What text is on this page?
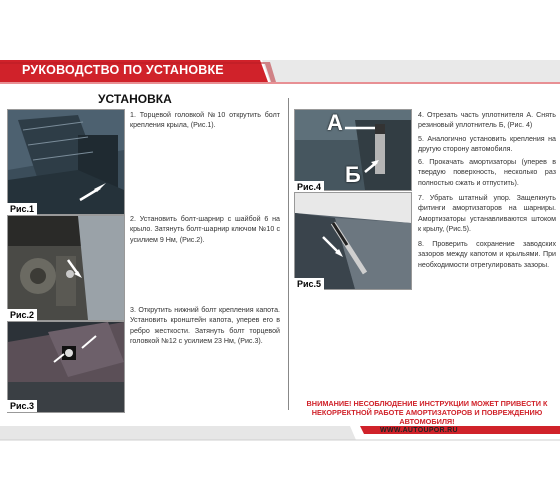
РУКОВОДСТВО ПО УСТАНОВКЕ
УСТАНОВКА
Рис.1
Рис.2
Рис.3
А
Б
Рис.4
Рис.5
1. Торцевой головкой №10 открутить болт крепления крыла, (Рис.1).
2. Установить болт-шарнир с шайбой 6 на крыло. Затянуть болт-шарнир ключом №10 с усилием 9 Нм, (Рис.2).
3. Открутить нижний болт крепления капота. Установить кронштейн капота, уперев его в ребро жесткости. Затянуть болт торцевой головкой №12 с усилием 23 Нм, (Рис.3).
4. Отрезать часть уплотнителя А. Снять резиновый уплотнитель Б, (Рис. 4)
5. Аналогично установить крепления на другую сторону автомобиля.
6. Прокачать амортизаторы (уперев в твердую поверхность, несколько раз полностью сжать и отпустить).
7. Убрать штатный упор. Защелкнуть фитинги амортизаторов на шарниры. Амортизаторы устанавливаются штоком к крылу, (Рис.5).
8. Проверить сохранение заводских зазоров между капотом и крыльями. При необходимости отрегулировать зазоры.
ВНИМАНИЕ! НЕСОБЛЮДЕНИЕ ИНСТРУКЦИИ МОЖЕТ ПРИВЕСТИ К НЕКОРРЕКТНОЙ РАБОТЕ АМОРТИЗАТОРОВ И ПОВРЕЖДЕНИЮ АВТОМОБИЛЯ!
WWW.AUTOUPOR.RU
